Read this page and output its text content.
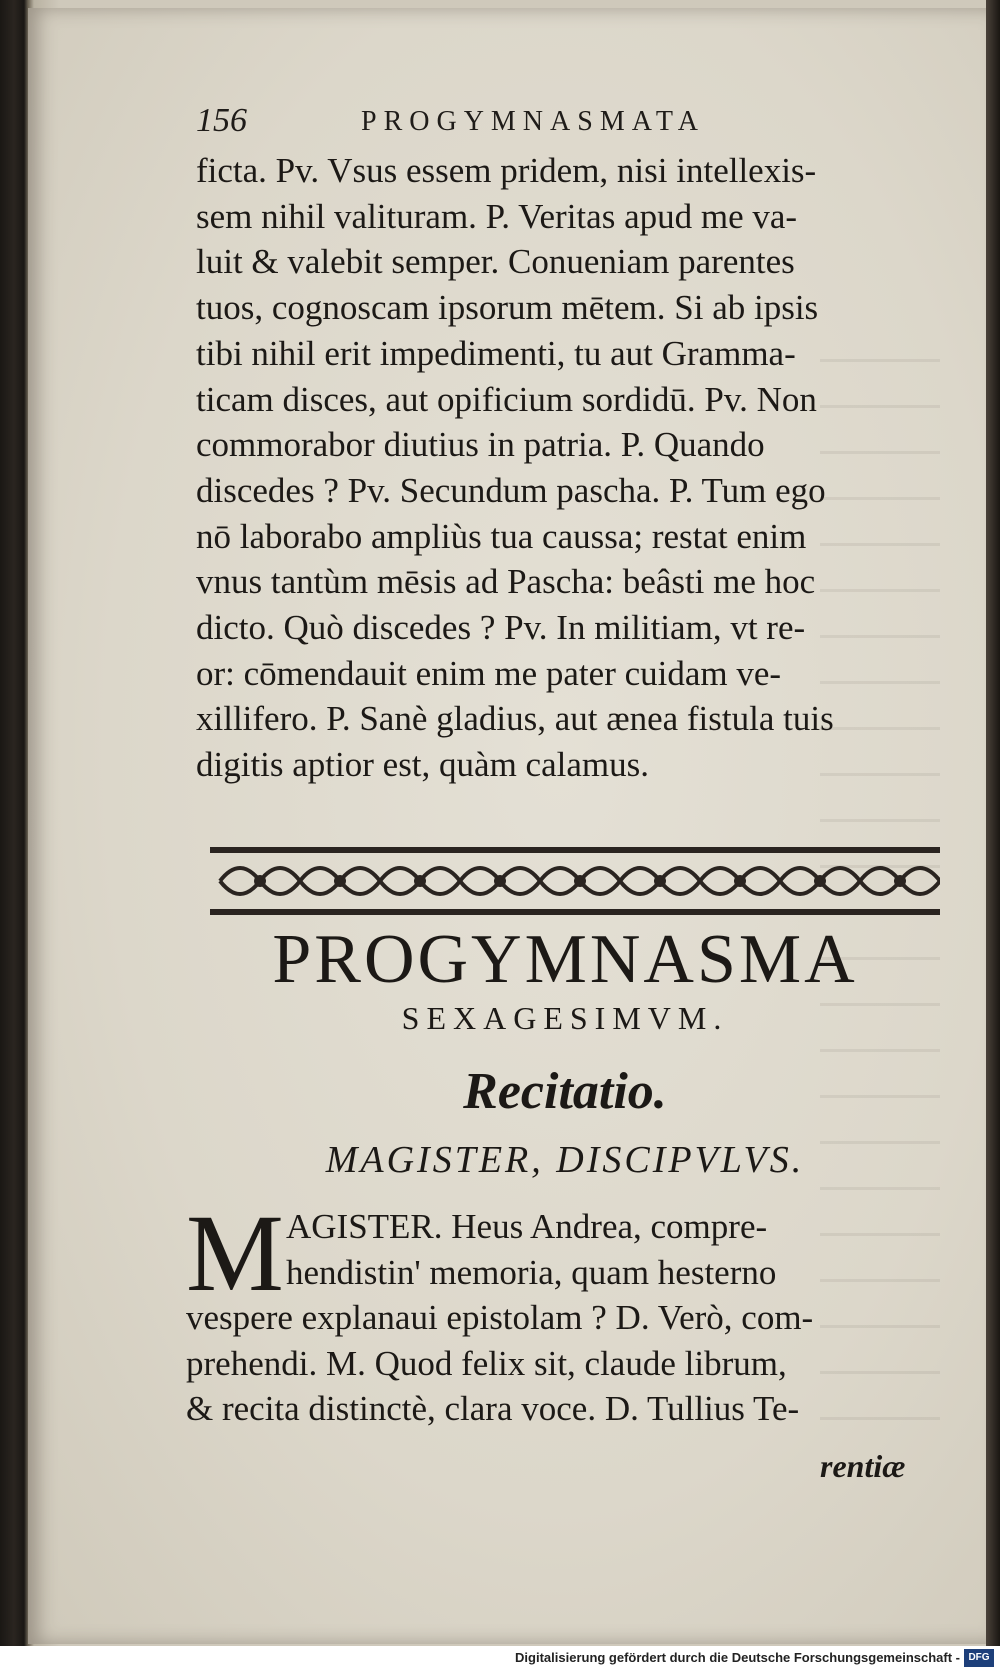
156	PROGYMNASMATA
ficta. Pv. Vsus essem pridem, nisi intellexis-
sem nihil valituram. P. Veritas apud me va-
luit & valebit semper. Conueniam parentes
tuos, cognoscam ipsorum mētem. Si ab ipsis
tibi nihil erit impedimenti, tu aut Gramma-
ticam disces, aut opificium sordidū. Pv. Non
commorabor diutius in patria. P. Quando
discedes ? Pv. Secundum pascha. P. Tum ego
nō laborabo ampliùs tua caussa; restat enim
vnus tantùm mēsis ad Pascha: beâsti me hoc
dicto. Quò discedes ? Pv. In militiam, vt re-
or: cōmendauit enim me pater cuidam ve-
xillifero. P. Sanè gladius, aut ænea fistula tuis
digitis aptior est, quàm calamus.
PROGYMNASMA
SEXAGESIMVM.
Recitatio.
MAGISTER, DISCIPVLVS.
M AGISTER. Heus Andrea, compre-
hendistin' memoria, quam hesterno
vespere explanaui epistolam ? D. Verò, com-
prehendi. M. Quod felix sit, claude librum,
& recita distinctè, clara voce. D. Tullius Te-
rentiæ
Digitalisierung gefördert durch die Deutsche Forschungsgemeinschaft - DFG
